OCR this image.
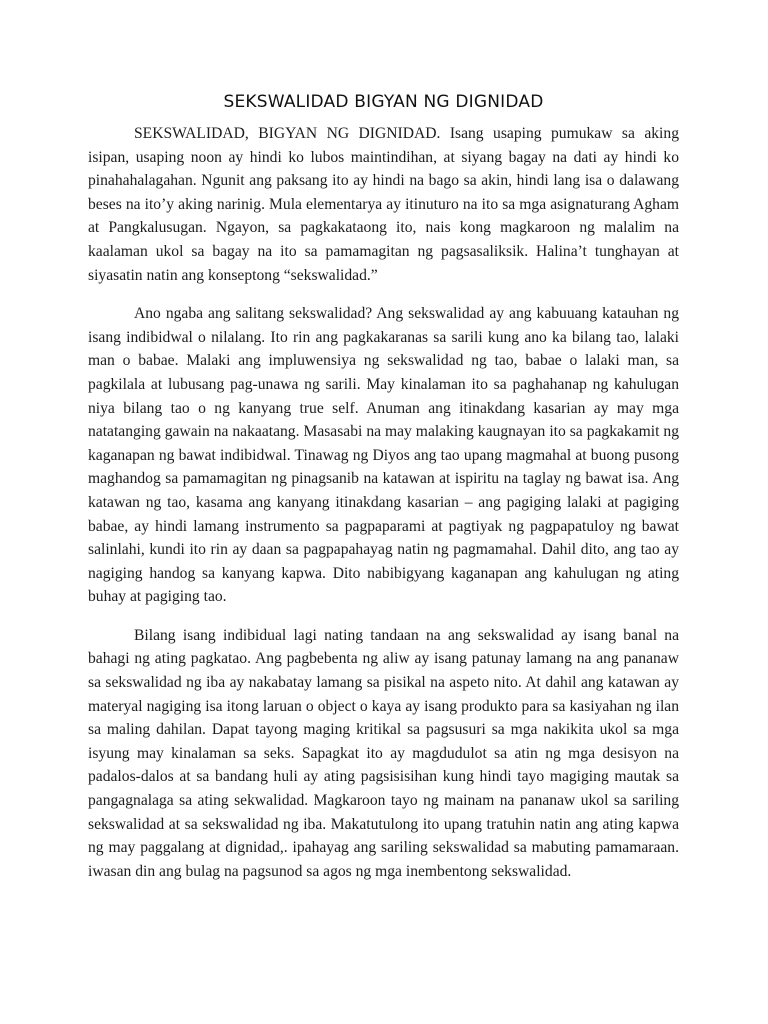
SEKSWALIDAD BIGYAN NG DIGNIDAD

SEKSWALIDAD, BIGYAN NG DIGNIDAD. Isang usaping pumukaw sa aking isipan, usaping noon ay hindi ko lubos maintindihan, at siyang bagay na dati ay hindi ko pinahahalagahan. Ngunit ang paksang ito ay hindi na bago sa akin, hindi lang isa o dalawang beses na ito’y aking narinig. Mula elementarya ay itinuturo na ito sa mga asignaturang Agham at Pangkalusugan. Ngayon, sa pagkakataong ito, nais kong magkaroon ng malalim na kaalaman ukol sa bagay na ito sa pamamagitan ng pagsasaliksik. Halina’t tunghayan at siyasatin natin ang konseptong “sekswalidad.”

Ano ngaba ang salitang sekswalidad? Ang sekswalidad ay ang kabuuang katauhan ng isang indibidwal o nilalang. Ito rin ang pagkakaranas sa sarili kung ano ka bilang tao, lalaki man o babae. Malaki ang impluwensiya ng sekswalidad ng tao, babae o lalaki man, sa pagkilala at lubusang pag-unawa ng sarili. May kinalaman ito sa paghahanap ng kahulugan niya bilang tao o ng kanyang true self. Anuman ang itinakdang kasarian ay may mga natatanging gawain na nakaatang. Masasabi na may malaking kaugnayan ito sa pagkakamit ng kaganapan ng bawat indibidwal. Tinawag ng Diyos ang tao upang magmahal at buong pusong maghandog sa pamamagitan ng pinagsanib na katawan at ispiritu na taglay ng bawat isa. Ang katawan ng tao, kasama ang kanyang itinakdang kasarian – ang pagiging lalaki at pagiging babae, ay hindi lamang instrumento sa pagpaparami at pagtiyak ng pagpapatuloy ng bawat salinlahi, kundi ito rin ay daan sa pagpapahayag natin ng pagmamahal. Dahil dito, ang tao ay nagiging handog sa kanyang kapwa. Dito nabibigyang kaganapan ang kahulugan ng ating buhay at pagiging tao.

Bilang isang indibidual lagi nating tandaan na ang sekswalidad ay isang banal na bahagi ng ating pagkatao. Ang pagbebenta ng aliw ay isang patunay lamang na ang pananaw sa sekswalidad ng iba ay nakabatay lamang sa pisikal na aspeto nito. At dahil ang katawan ay materyal nagiging isa itong laruan o object o kaya ay isang produkto para sa kasiyahan ng ilan sa maling dahilan. Dapat tayong maging kritikal sa pagsusuri sa mga nakikita ukol sa mga isyung may kinalaman sa seks. Sapagkat ito ay magdudulot sa atin ng mga desisyon na padalos-dalos at sa bandang huli ay ating pagsisisihan kung hindi tayo magiging mautak sa pangagnalaga sa ating sekwalidad. Magkaroon tayo ng mainam na pananaw ukol sa sariling sekswalidad at sa sekswalidad ng iba. Makatutulong ito upang tratuhin natin ang ating kapwa ng may paggalang at dignidad,. ipahayag ang sariling sekswalidad sa mabuting pamamaraan. iwasan din ang bulag na pagsunod sa agos ng mga inembentong sekswalidad.
